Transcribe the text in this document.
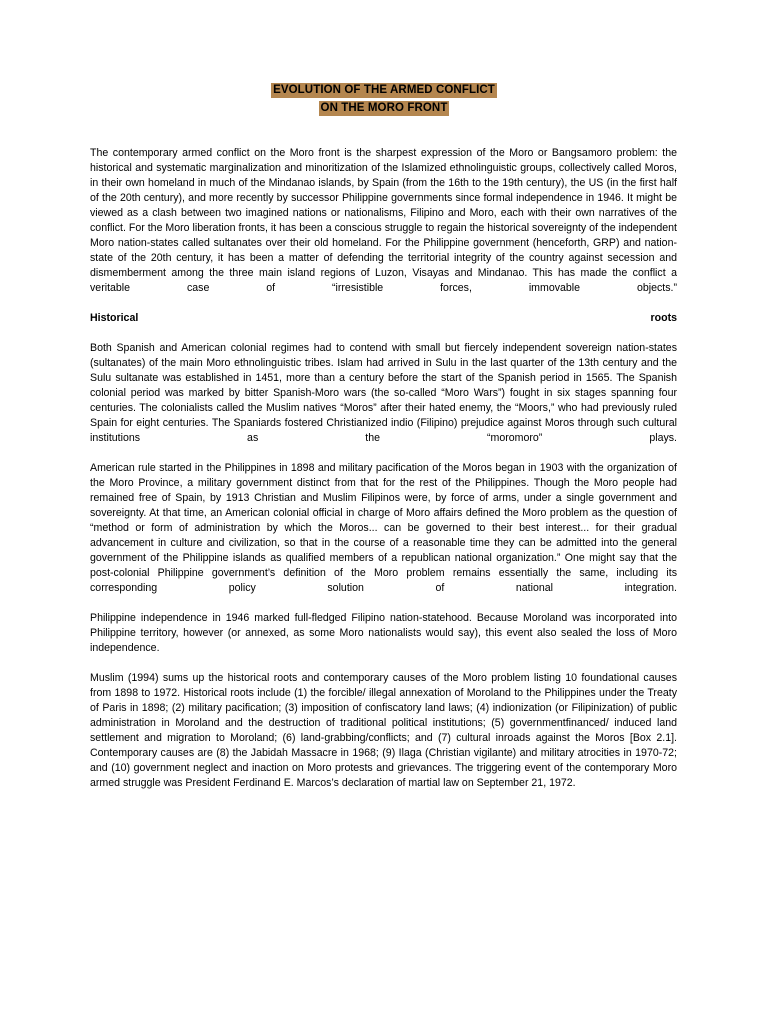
EVOLUTION OF THE ARMED CONFLICT
ON THE MORO FRONT

The contemporary armed conflict on the Moro front is the sharpest expression of the Moro or Bangsamoro problem: the historical and systematic marginalization and minoritization of the Islamized ethnolinguistic groups, collectively called Moros, in their own homeland in much of the Mindanao islands, by Spain (from the 16th to the 19th century), the US (in the first half of the 20th century), and more recently by successor Philippine governments since formal independence in 1946. It might be viewed as a clash between two imagined nations or nationalisms, Filipino and Moro, each with their own narratives of the conflict. For the Moro liberation fronts, it has been a conscious struggle to regain the historical sovereignty of the independent Moro nation-states called sultanates over their old homeland. For the Philippine government (henceforth, GRP) and nation-state of the 20th century, it has been a matter of defending the territorial integrity of the country against secession and dismemberment among the three main island regions of Luzon, Visayas and Mindanao. This has made the conflict a veritable case of “irresistible forces, immovable objects.”

Historical	roots

Both Spanish and American colonial regimes had to contend with small but fiercely independent sovereign nation-states (sultanates) of the main Moro ethnolinguistic tribes. Islam had arrived in Sulu in the last quarter of the 13th century and the Sulu sultanate was established in 1451, more than a century before the start of the Spanish period in 1565. The Spanish colonial period was marked by bitter Spanish-Moro wars (the so-called “Moro Wars”) fought in six stages spanning four centuries. The colonialists called the Muslim natives “Moros” after their hated enemy, the “Moors,” who had previously ruled Spain for eight centuries. The Spaniards fostered Christianized indio (Filipino) prejudice against Moros through such cultural institutions as the “moromoro” plays.

American rule started in the Philippines in 1898 and military pacification of the Moros began in 1903 with the organization of the Moro Province, a military government distinct from that for the rest of the Philippines. Though the Moro people had remained free of Spain, by 1913 Christian and Muslim Filipinos were, by force of arms, under a single government and sovereignty. At that time, an American colonial official in charge of Moro affairs defined the Moro problem as the question of “method or form of administration by which the Moros... can be governed to their best interest... for their gradual advancement in culture and civilization, so that in the course of a reasonable time they can be admitted into the general government of the Philippine islands as qualified members of a republican national organization.” One might say that the post-colonial Philippine government’s definition of the Moro problem remains essentially the same, including its corresponding policy solution of national integration.

Philippine independence in 1946 marked full-fledged Filipino nation-statehood. Because Moroland was incorporated into Philippine territory, however (or annexed, as some Moro nationalists would say), this event also sealed the loss of Moro independence.

Muslim (1994) sums up the historical roots and contemporary causes of the Moro problem listing 10 foundational causes from 1898 to 1972. Historical roots include (1) the forcible/ illegal annexation of Moroland to the Philippines under the Treaty of Paris in 1898; (2) military pacification; (3) imposition of confiscatory land laws; (4) indionization (or Filipinization) of public administration in Moroland and the destruction of traditional political institutions; (5) governmentfinanced/ induced land settlement and migration to Moroland; (6) land-grabbing/conflicts; and (7) cultural inroads against the Moros [Box 2.1]. Contemporary causes are (8) the Jabidah Massacre in 1968; (9) Ilaga (Christian vigilante) and military atrocities in 1970-72; and (10) government neglect and inaction on Moro protests and grievances. The triggering event of the contemporary Moro armed struggle was President Ferdinand E. Marcos’s declaration of martial law on September 21, 1972.
